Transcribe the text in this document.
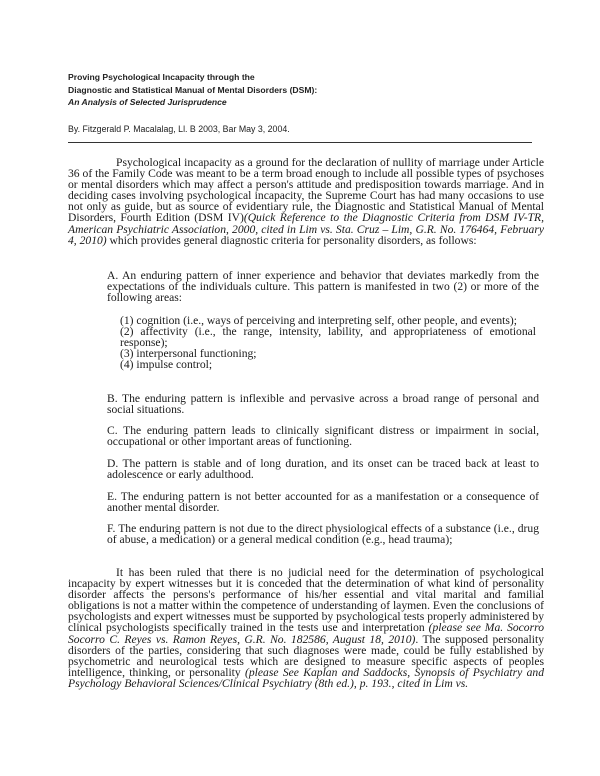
Proving Psychological Incapacity through the
Diagnostic and Statistical Manual of Mental Disorders (DSM):
An Analysis of Selected Jurisprudence
By. Fitzgerald P. Macalalag, Ll. B 2003, Bar May 3, 2004.

Psychological incapacity as a ground for the declaration of nullity of marriage under Article 36 of the Family Code was meant to be a term broad enough to include all possible types of psychoses or mental disorders which may affect a person's attitude and predisposition towards marriage. And in deciding cases involving psychological incapacity, the Supreme Court has had many occasions to use not only as guide, but as source of evidentiary rule, the Diagnostic and Statistical Manual of Mental Disorders, Fourth Edition (DSM IV)(Quick Reference to the Diagnostic Criteria from DSM IV-TR, American Psychiatric Association, 2000, cited in Lim vs. Sta. Cruz – Lim, G.R. No. 176464, February 4, 2010) which provides general diagnostic criteria for personality disorders, as follows:

A. An enduring pattern of inner experience and behavior that deviates markedly from the expectations of the individuals culture. This pattern is manifested in two (2) or more of the following areas:

(1) cognition (i.e., ways of perceiving and interpreting self, other people, and events);
(2) affectivity (i.e., the range, intensity, lability, and appropriateness of emotional response);
(3) interpersonal functioning;
(4) impulse control;

B. The enduring pattern is inflexible and pervasive across a broad range of personal and social situations.

C. The enduring pattern leads to clinically significant distress or impairment in social, occupational or other important areas of functioning.

D. The pattern is stable and of long duration, and its onset can be traced back at least to adolescence or early adulthood.

E. The enduring pattern is not better accounted for as a manifestation or a consequence of another mental disorder.

F. The enduring pattern is not due to the direct physiological effects of a substance (i.e., drug of abuse, a medication) or a general medical condition (e.g., head trauma);

It has been ruled that there is no judicial need for the determination of psychological incapacity by expert witnesses but it is conceded that the determination of what kind of personality disorder affects the persons's performance of his/her essential and vital marital and familial obligations is not a matter within the competence of understanding of laymen. Even the conclusions of psychologists and expert witnesses must be supported by psychological tests properly administered by clinical psychologists specifically trained in the tests use and interpretation (please see Ma. Socorro Socorro C. Reyes vs. Ramon Reyes, G.R. No. 182586, August 18, 2010). The supposed personality disorders of the parties, considering that such diagnoses were made, could be fully established by psychometric and neurological tests which are designed to measure specific aspects of peoples intelligence, thinking, or personality (please See Kaplan and Saddocks, Synopsis of Psychiatry and Psychology Behavioral Sciences/Clinical Psychiatry (8th ed.), p. 193., cited in Lim vs.
